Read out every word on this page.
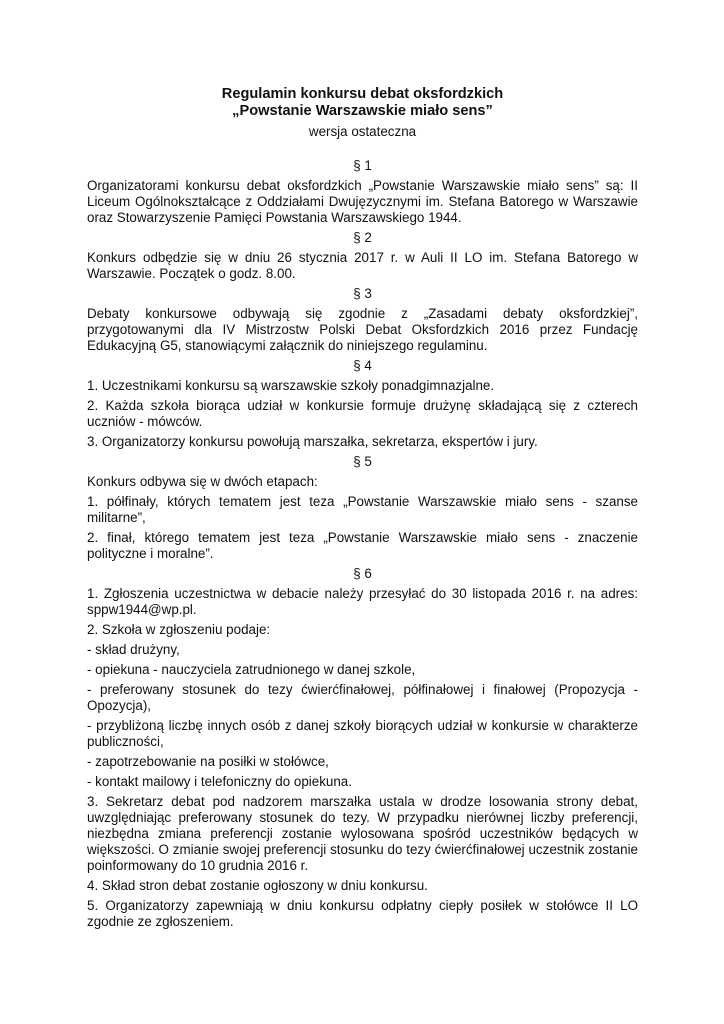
Regulamin konkursu debat oksfordzkich
„Powstanie Warszawskie miało sens”
wersja ostateczna
§ 1

Organizatorami konkursu debat oksfordzkich „Powstanie Warszawskie miało sens” są: II Liceum Ogólnokształcące z Oddziałami Dwujęzycznymi im. Stefana Batorego w Warszawie oraz Stowarzyszenie Pamięci Powstania Warszawskiego 1944.

§ 2

Konkurs odbędzie się w dniu 26 stycznia 2017 r. w Auli II LO im. Stefana Batorego w Warszawie. Początek o godz. 8.00.

§ 3

Debaty konkursowe odbywają się zgodnie z „Zasadami debaty oksfordzkiej”, przygotowanymi dla IV Mistrzostw Polski Debat Oksfordzkich 2016 przez Fundację Edukacyjną G5, stanowiącymi załącznik do niniejszego regulaminu.

§ 4

1. Uczestnikami konkursu są warszawskie szkoły ponadgimnazjalne.

2. Każda szkoła biorąca udział w konkursie formuje drużynę składającą się z czterech uczniów - mówców.

3. Organizatorzy konkursu powołują marszałka, sekretarza, ekspertów i jury.

§ 5

Konkurs odbywa się w dwóch etapach:

1. półfinały, których tematem jest teza „Powstanie Warszawskie miało sens - szanse militarne”,

2. finał, którego tematem jest teza „Powstanie Warszawskie miało sens - znaczenie polityczne i moralne”.

§ 6

1. Zgłoszenia uczestnictwa w debacie należy przesyłać do 30 listopada 2016 r. na adres: sppw1944@wp.pl.

2. Szkoła w zgłoszeniu podaje:

- skład drużyny,

- opiekuna - nauczyciela zatrudnionego w danej szkole,

- preferowany stosunek do tezy ćwierćfinałowej, półfinałowej i finałowej (Propozycja - Opozycja),

- przybliżoną liczbę innych osób z danej szkoły biorących udział w konkursie w charakterze publiczności,

- zapotrzebowanie na posiłki w stołówce,

- kontakt mailowy i telefoniczny do opiekuna.

3. Sekretarz debat pod nadzorem marszałka ustala w drodze losowania strony debat, uwzględniając preferowany stosunek do tezy. W przypadku nierównej liczby preferencji, niezbędna zmiana preferencji zostanie wylosowana spośród uczestników będących w większości. O zmianie swojej preferencji stosunku do tezy ćwierćfinałowej uczestnik zostanie poinformowany do 10 grudnia 2016 r.

4. Skład stron debat zostanie ogłoszony w dniu konkursu.

5. Organizatorzy zapewniają w dniu konkursu odpłatny ciepły posiłek w stołówce II LO zgodnie ze zgłoszeniem.
